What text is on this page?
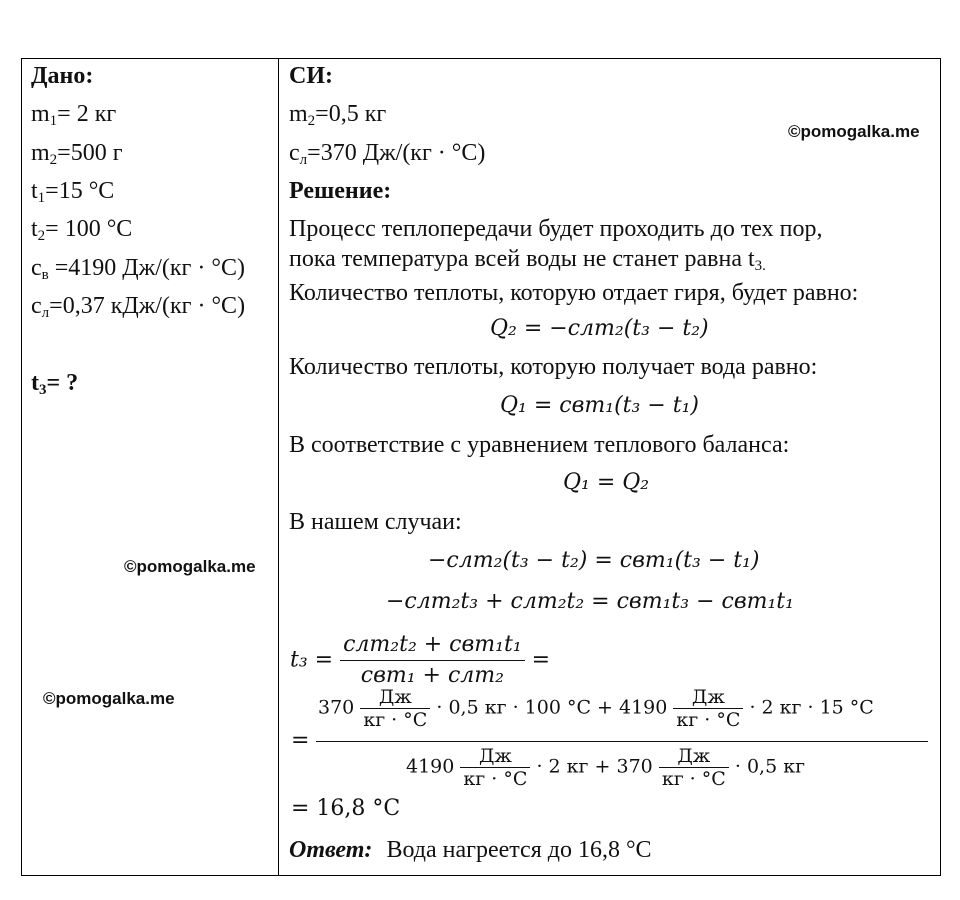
Дано:
$m_1= 2$ кг
$m_2=500$ г
$t_1=15$ °С
$t_2= 100$ °С
$c_в =4190$ Дж/(кг · °С)
$c_л=0,37$ кДж/(кг · °С)
$t_3=$ ?
СИ:
$m_2=0,5$ кг
$c_л=370$ Дж/(кг · °С)
Решение:
Процесс теплопередачи будет проходить до тех пор,
пока температура всей воды не станет равна $t_{3.}$
Количество теплоты, которую отдает гиря, будет равно:
Q₂ = −cлm₂(t₃ − t₂)
Количество теплоты, которую получает вода равно:
Q₁ = cвm₁(t₃ − t₁)
В соответствие с уравнением теплового баланса:
Q₁ = Q₂
В нашем случаи:
−cлm₂(t₃ − t₂) = cвm₁(t₃ − t₁)
−cлm₂t₃ + cлm₂t₂ = cвm₁t₃ − cвm₁t₁
$t_3 = \frac{\text{cлm₂t₂ + cвm₁t₁}}{\text{cвm₁ + cлm₂}}$ =
=
$370 \frac{Дж}{кг \cdot ^\circ C} \cdot 0,5$ кг · 100 $^\circ C + 4190 \frac{Дж}{кг \cdot ^\circ C} \cdot 2$ кг · 15 °C
$4190 \frac{Дж}{кг \cdot ^\circ C} \cdot 2$ кг + $370 \frac{Дж}{кг \cdot ^\circ C} \cdot 0,5$ кг
= 16,8 °C
Ответ: Вода нагреется до 16,8 °С
©pomogalka.me
©pomogalka.me
©pomogalka.me
